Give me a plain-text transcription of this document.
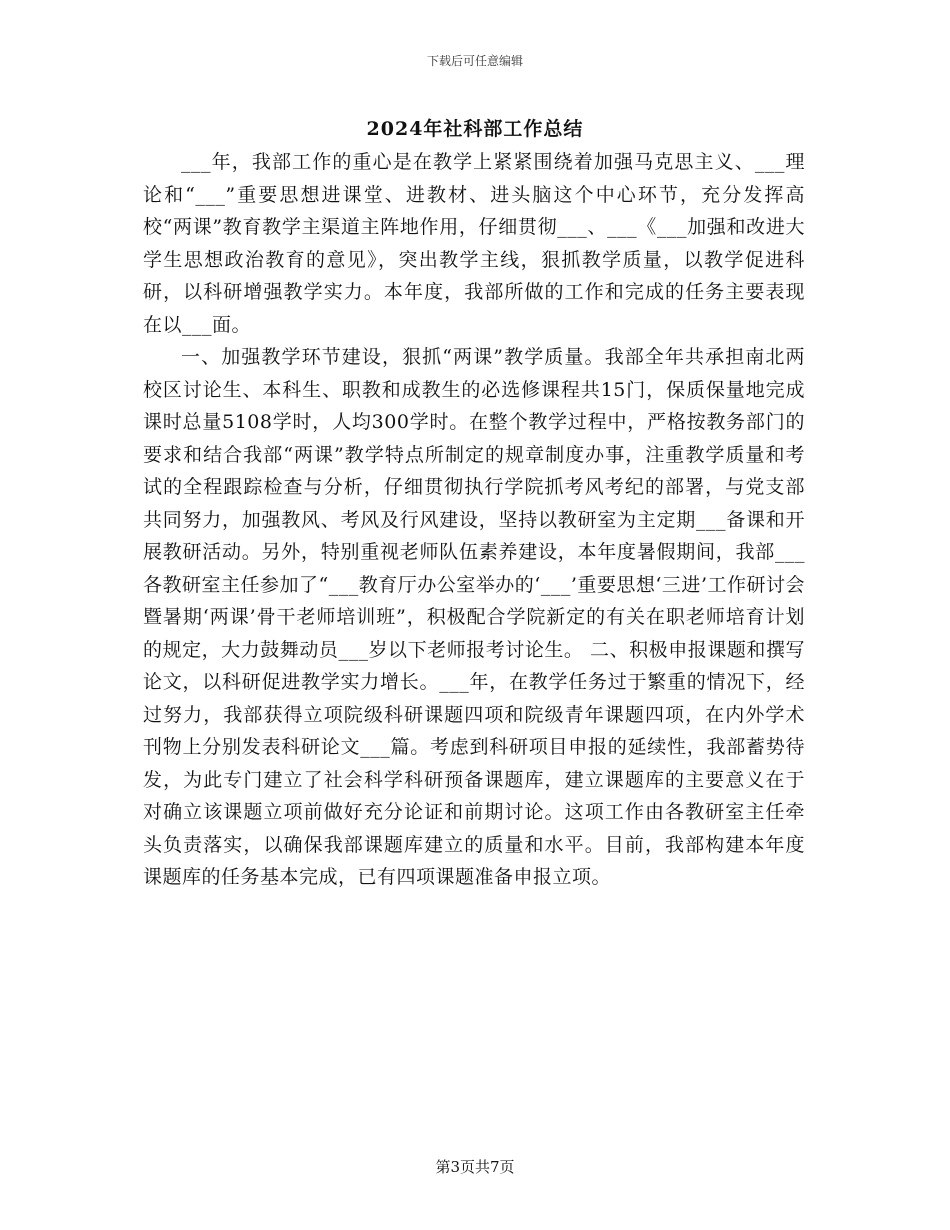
下载后可任意编辑
2024年社科部工作总结

___年，我部工作的重心是在教学上紧紧围绕着加强马克思主义、___理论和“___”重要思想进课堂、进教材、进头脑这个中心环节，充分发挥高校“两课”教育教学主渠道主阵地作用，仔细贯彻___、___《___加强和改进大学生思想政治教育的意见》，突出教学主线，狠抓教学质量，以教学促进科研，以科研增强教学实力。本年度，我部所做的工作和完成的任务主要表现在以___面。

一、加强教学环节建设，狠抓“两课”教学质量。我部全年共承担南北两校区讨论生、本科生、职教和成教生的必选修课程共15门，保质保量地完成课时总量5108学时，人均300学时。在整个教学过程中，严格按教务部门的要求和结合我部“两课”教学特点所制定的规章制度办事，注重教学质量和考试的全程跟踪检查与分析，仔细贯彻执行学院抓考风考纪的部署，与党支部共同努力，加强教风、考风及行风建设，坚持以教研室为主定期___备课和开展教研活动。另外，特别重视老师队伍素养建设，本年度暑假期间，我部___各教研室主任参加了“___教育厅办公室举办的‘___’重要思想‘三进’工作研讨会暨暑期‘两课’骨干老师培训班”，积极配合学院新定的有关在职老师培育计划的规定，大力鼓舞动员___岁以下老师报考讨论生。 二、积极申报课题和撰写论文，以科研促进教学实力增长。___年，在教学任务过于繁重的情况下，经过努力，我部获得立项院级科研课题四项和院级青年课题四项，在内外学术刊物上分别发表科研论文___篇。考虑到科研项目申报的延续性，我部蓄势待发，为此专门建立了社会科学科研预备课题库，建立课题库的主要意义在于对确立该课题立项前做好充分论证和前期讨论。这项工作由各教研室主任牵头负责落实，以确保我部课题库建立的质量和水平。目前，我部构建本年度课题库的任务基本完成，已有四项课题准备申报立项。

第3页共7页
